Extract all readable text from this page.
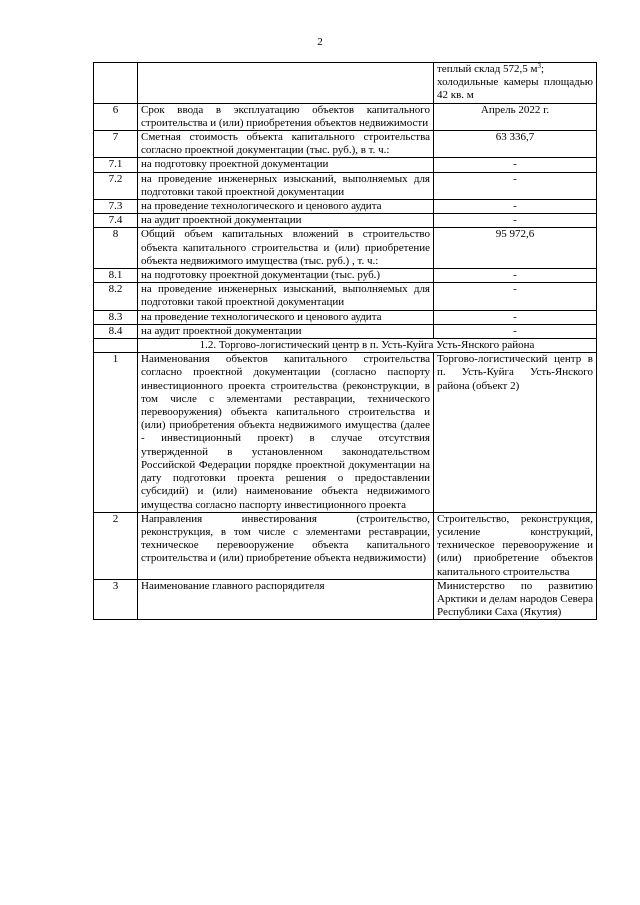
2
		теплый склад 572,5 $м^3$;
холодильные камеры площадью 42 кв. м
6	Срок ввода в эксплуатацию объектов капитального строительства и (или) приобретения объектов недвижимости	Апрель 2022 г.
7	Сметная стоимость объекта капитального строительства согласно проектной документации (тыс. руб.), в т. ч.:	63 336,7
7.1	на подготовку проектной документации	-
7.2	на проведение инженерных изысканий, выполняемых для подготовки такой проектной документации	-
7.3	на проведение технологического и ценового аудита	-
7.4	на аудит проектной документации	-
8	Общий объем капитальных вложений в строительство объекта капитального строительства и (или) приобретение объекта недвижимого имущества (тыс. руб.) , т. ч.:	95 972,6
8.1	на подготовку проектной документации (тыс. руб.)	-
8.2	на проведение инженерных изысканий, выполняемых для подготовки такой проектной документации	-
8.3	на проведение технологического и ценового аудита	-
8.4	на аудит проектной документации	-
	1.2. Торгово-логистический центр в п. Усть-Куйга Усть-Янского района	
1	Наименования объектов капитального строительства согласно проектной документации (согласно паспорту инвестиционного проекта строительства (реконструкции, в том числе с элементами реставрации, технического перевооружения) объекта капитального строительства и (или) приобретения объекта недвижимого имущества (далее - инвестиционный проект) в случае отсутствия утвержденной в установленном законодательством Российской Федерации порядке проектной документации на дату подготовки проекта решения о предоставлении субсидий) и (или) наименование объекта недвижимого имущества согласно паспорту инвестиционного проекта	Торгово-логистический центр в п. Усть-Куйга Усть-Янского района (объект 2)
2	Направления инвестирования (строительство, реконструкция, в том числе с элементами реставрации, техническое перевооружение объекта капитального строительства и (или) приобретение объекта недвижимости)	Строительство, реконструкция, усиление конструкций, техническое перевооружение и (или) приобретение объектов капитального строительства
3	Наименование главного распорядителя	Министерство по развитию Арктики и делам народов Севера Республики Саха (Якутия)
